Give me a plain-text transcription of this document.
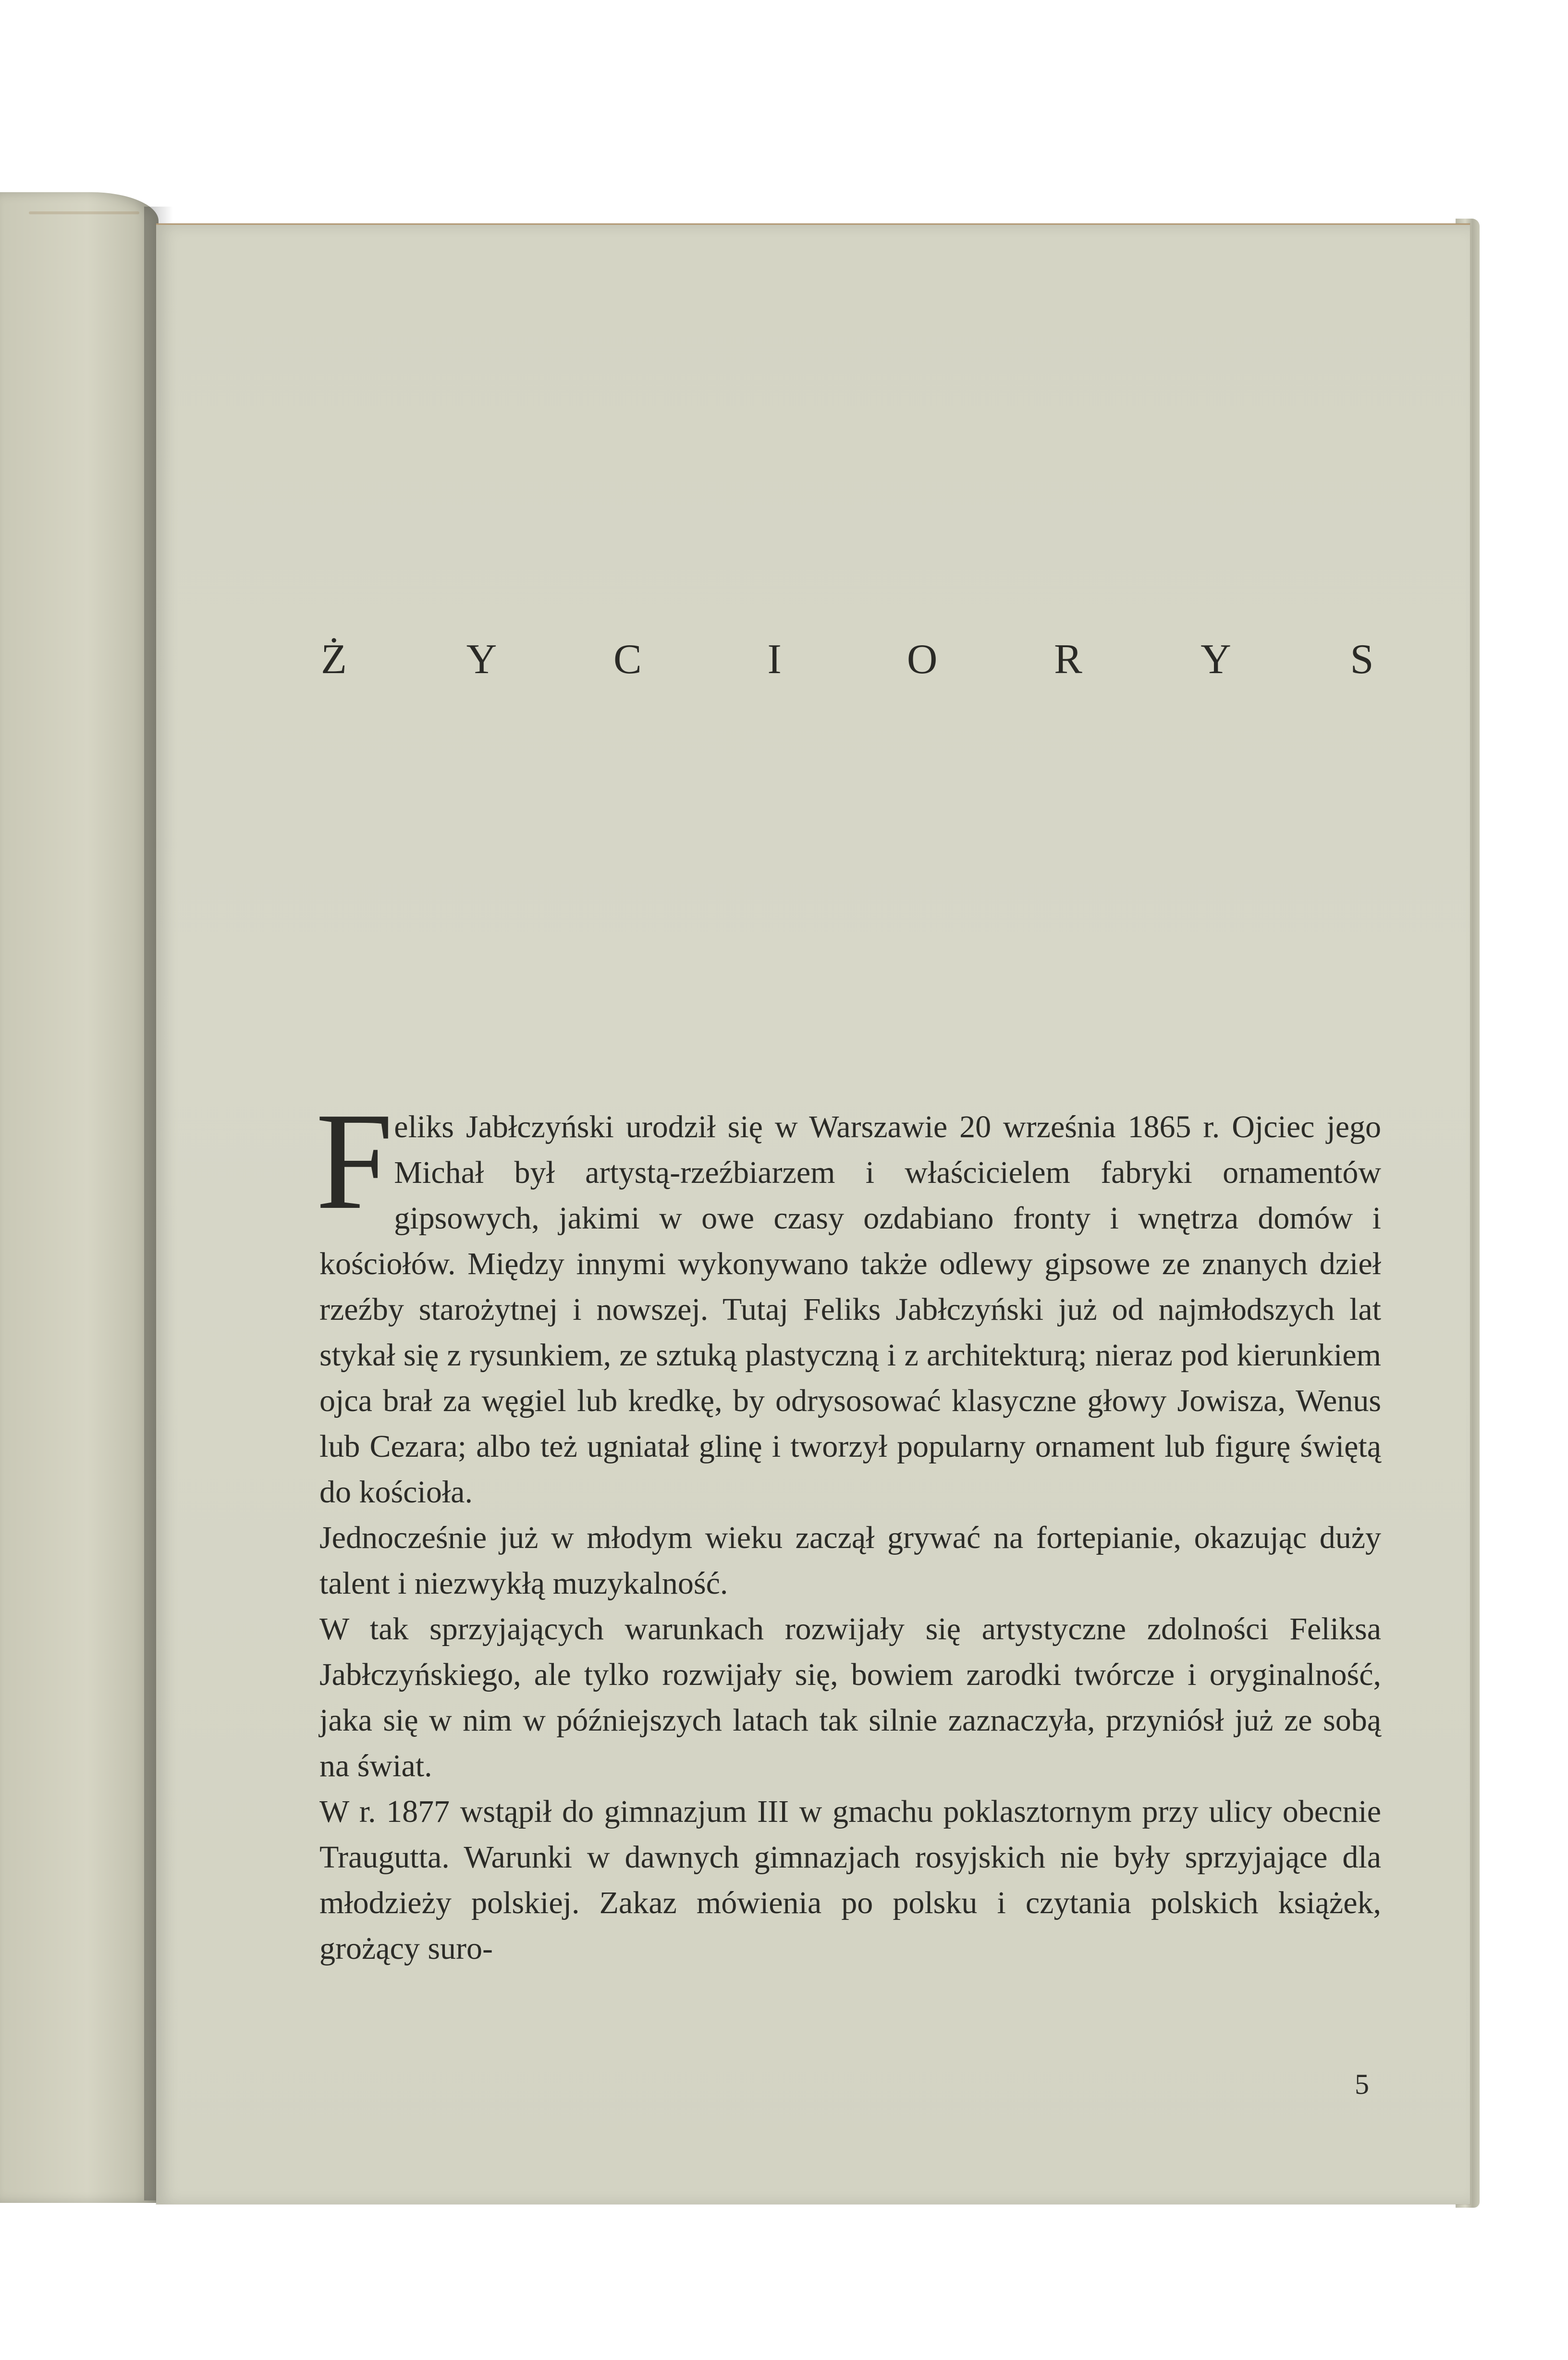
Ż	Y	C	I	O	R	Y	S

Feliks Jabłczyński urodził się w Warszawie 20 września 1865 r. Ojciec jego Michał był artystą-rzeźbiarzem i właścicielem fabryki ornamentów gipsowych, jakimi w owe czasy ozdabiano fronty i wnętrza domów i kościołów. Między innymi wykonywano także odlewy gipsowe ze znanych dzieł rzeźby starożytnej i nowszej. Tutaj Feliks Jabłczyński już od najmłodszych lat stykał się z rysunkiem, ze sztuką plastyczną i z architekturą; nieraz pod kierunkiem ojca brał za węgiel lub kredkę, by odrysosować klasyczne głowy Jowisza, Wenus lub Cezara; albo też ugniatał glinę i tworzył popularny ornament lub figurę świętą do kościoła.

Jednocześnie już w młodym wieku zaczął grywać na fortepianie, okazując duży talent i niezwykłą muzykalność.

W tak sprzyjających warunkach rozwijały się artystyczne zdolności Feliksa Jabłczyńskiego, ale tylko rozwijały się, bowiem zarodki twórcze i oryginalność, jaka się w nim w późniejszych latach tak silnie zaznaczyła, przyniósł już ze sobą na świat.

W r. 1877 wstąpił do gimnazjum III w gmachu poklasztornym przy ulicy obecnie Traugutta. Warunki w dawnych gimnazjach rosyjskich nie były sprzyjające dla młodzieży polskiej. Zakaz mówienia po polsku i czytania polskich książek, grożący suro-

5
